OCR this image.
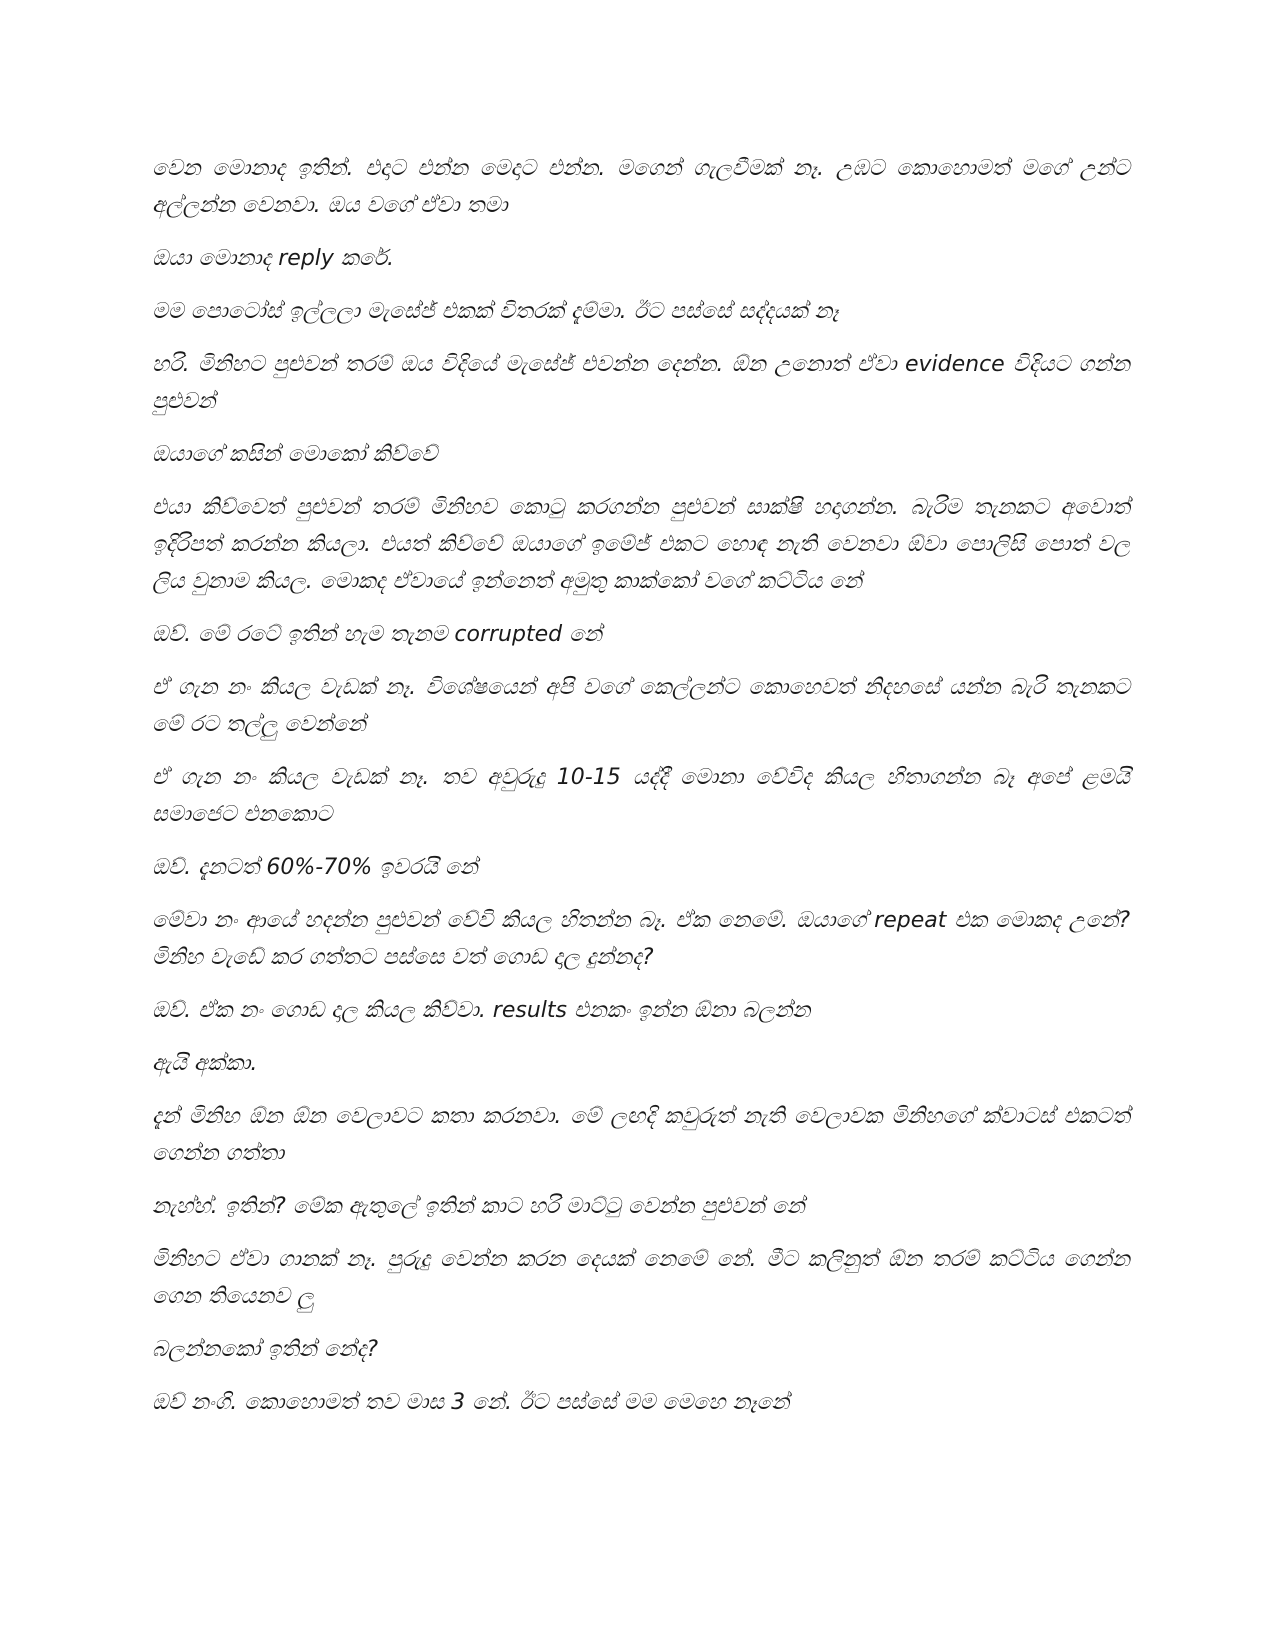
වෙන මොනාද ඉතින්. එදාට එන්න මෙදාට එන්න. මගෙන් ගැලවීමක් නෑ. උඹට කොහොමත් මගේ උන්ට අල්ලන්න වෙනවා. ඔය වගේ ඒවා තමා

ඔයා මොනාද reply කරේ.

මම පොටෝස් ඉල්ලලා මැසේජ් එකක් විතරක් දැම්මා. ඊට පස්සේ සද්දයක් නෑ

හරි. මිනිහට පුළුවන් තරම් ඔය විදියේ මැසේජ් එවන්න දෙන්න. ඕන උනොත් ඒවා evidence විදියට ගන්න පුළුවන්

ඔයාගේ කසින් මොකෝ කිව්වේ

එයා කිව්වෙත් පුළුවන් තරම් මිනිහව කොටු කරගන්න පුළුවන් සාක්ෂි හදාගන්න. බැරිම තැනකට අවොත් ඉදිරිපත් කරන්න කියලා. එයත් කිව්වේ ඔයාගේ ඉමේජ් එකට හොඳ නැති වෙනවා ඕවා පොලිසි පොත් වල ලිය වුනාම කියල. මොකද ඒවායේ ඉන්නෙත් අමුතු කාක්කෝ වගේ කට්ටිය නේ

ඔව්. මේ රටේ ඉතින් හැම තැනම corrupted නේ

ඒ ගැන නං කියල වැඩක් නෑ. විශේෂයෙන් අපි වගේ කෙල්ලන්ට කොහෙවත් නිදහසේ යන්න බැරි තැනකට මේ රට තල්ලු වෙන්නේ

ඒ ගැන නං කියල වැඩක් නෑ. තව අවුරුදු 10-15 යද්දී මොනා වේවිද කියල හිතාගන්න බෑ අපේ ළමයි සමාජෙට එනකොට

ඔව්. දැනටත් 60%-70% ඉවරයි නේ

මේවා නං ආයේ හදන්න පුළුවන් වේවි කියල හිතන්න බෑ. ඒක නෙමේ. ඔයාගේ repeat එක මොකද උනේ? මිනිහ වැඩේ කර ගත්තට පස්සෙ වත් ගොඩ දාල දුන්නද?

ඔව්. ඒක නං ගොඩ දාල කියල කිව්වා. results එනකං ඉන්න ඕනා බලන්න

ඇයි අක්කා.

දැන් මිනිහ ඕන ඕන වෙලාවට කතා කරනවා. මේ ලඟදි කවුරුත් නැති වෙලාවක මිනිහගේ ක්වාටස් එකටත් ගෙන්න ගත්තා

නැහ්හ්. ඉතින්? මේක ඇතුලේ ඉතින් කාට හරි මාට්ටු වෙන්න පුළුවන් නේ

මිනිහට ඒවා ගානක් නෑ. පුරුදු වෙන්න කරන දෙයක් නෙමේ නේ. මීට කලිනුත් ඕන තරම් කට්ටිය ගෙන්න ගෙන තියෙනව ලු

බලන්නකෝ ඉතින් නේද?

ඔව් නංගි. කොහොමත් තව මාස 3 නේ. ඊට පස්සේ මම මෙහෙ නෑනේ
